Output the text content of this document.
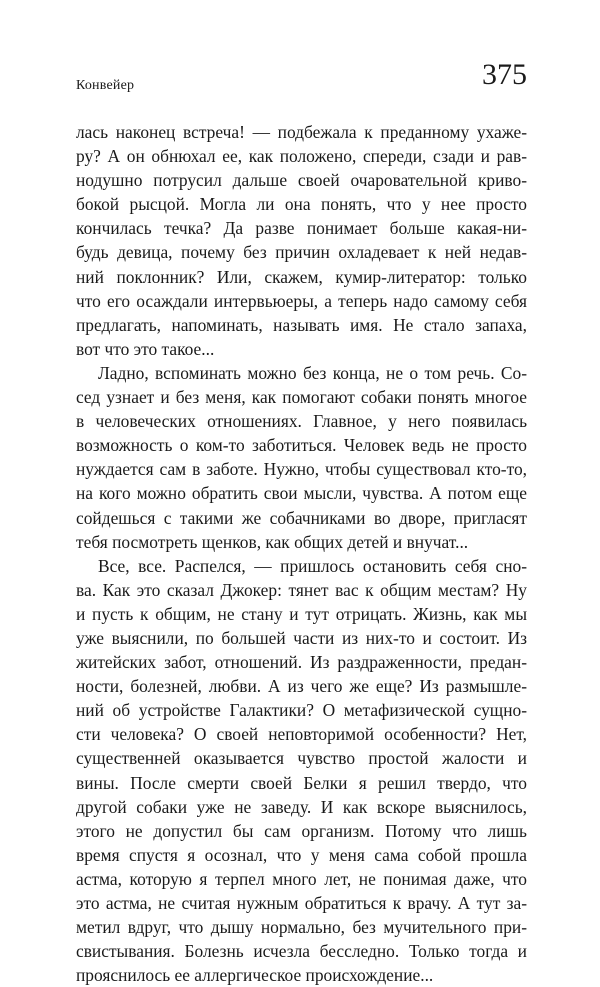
Конвейер	375
лась наконец встреча! — подбежала к преданному ухаже-
ру? А он обнюхал ее, как положено, спереди, сзади и рав-
нодушно потрусил дальше своей очаровательной криво-
бокой рысцой. Могла ли она понять, что у нее просто
кончилась течка? Да разве понимает больше какая-ни-
будь девица, почему без причин охладевает к ней недав-
ний поклонник? Или, скажем, кумир-литератор: только
что его осаждали интервьюеры, а теперь надо самому себя
предлагать, напоминать, называть имя. Не стало запаха,
вот что это такое...
Ладно, вспоминать можно без конца, не о том речь. Со-
сед узнает и без меня, как помогают собаки понять многое
в человеческих отношениях. Главное, у него появилась
возможность о ком-то заботиться. Человек ведь не просто
нуждается сам в заботе. Нужно, чтобы существовал кто-то,
на кого можно обратить свои мысли, чувства. А потом еще
сойдешься с такими же собачниками во дворе, пригласят
тебя посмотреть щенков, как общих детей и внучат...
Все, все. Распелся, — пришлось остановить себя сно-
ва. Как это сказал Джокер: тянет вас к общим местам? Ну
и пусть к общим, не стану и тут отрицать. Жизнь, как мы
уже выяснили, по большей части из них-то и состоит. Из
житейских забот, отношений. Из раздраженности, предан-
ности, болезней, любви. А из чего же еще? Из размышле-
ний об устройстве Галактики? О метафизической сущно-
сти человека? О своей неповторимой особенности? Нет,
существенней оказывается чувство простой жалости и
вины. После смерти своей Белки я решил твердо, что
другой собаки уже не заведу. И как вскоре выяснилось,
этого не допустил бы сам организм. Потому что лишь
время спустя я осознал, что у меня сама собой прошла
астма, которую я терпел много лет, не понимая даже, что
это астма, не считая нужным обратиться к врачу. А тут за-
метил вдруг, что дышу нормально, без мучительного при-
свистывания. Болезнь исчезла бесследно. Только тогда и
прояснилось ее аллергическое происхождение...
